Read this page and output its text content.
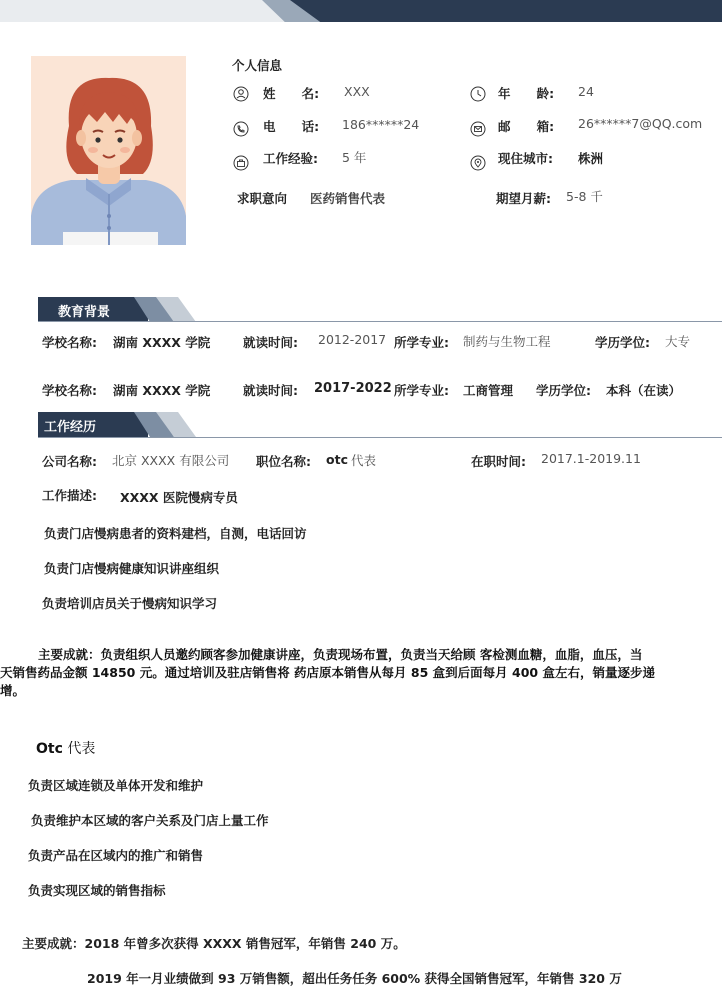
个人信息
姓      名: XXX	年      龄: 24
电      话: 186******24	邮      箱: 26******7@QQ.com
工作经验: 5 年	现住城市: 株洲
求职意向 医药销售代表	期望月薪: 5-8 千
教育背景
学校名称: 湖南 XXXX 学院	就读时间: 2012-2017 所学专业: 制药与生物工程	学历学位: 大专
学校名称: 湖南 XXXX 学院	就读时间: 2017-2022 所学专业: 工商管理 学历学位: 本科（在读）
工作经历
公司名称: 北京 XXXX 有限公司 职位名称: otc 代表	在职时间: 2017.1-2019.11
工作描述: XXXX 医院慢病专员
负责门店慢病患者的资料建档，自测，电话回访
负责门店慢病健康知识讲座组织
负责培训店员关于慢病知识学习
主要成就：负责组织人员邀约顾客参加健康讲座，负责现场布置，负责当天给顾 客检测血糖，血脂，血压，当
天销售药品金额 14850 元。通过培训及驻店销售将 药店原本销售从每月 85 盒到后面每月 400 盒左右，销量逐步递
增。
Otc 代表
负责区域连锁及单体开发和维护
负责维护本区域的客户关系及门店上量工作
负责产品在区域内的推广和销售
负责实现区域的销售指标
主要成就：2018 年曾多次获得 XXXX 销售冠军，年销售 240 万。
2019 年一月业绩做到 93 万销售额，超出任务任务 600% 获得全国销售冠军，年销售 320 万
